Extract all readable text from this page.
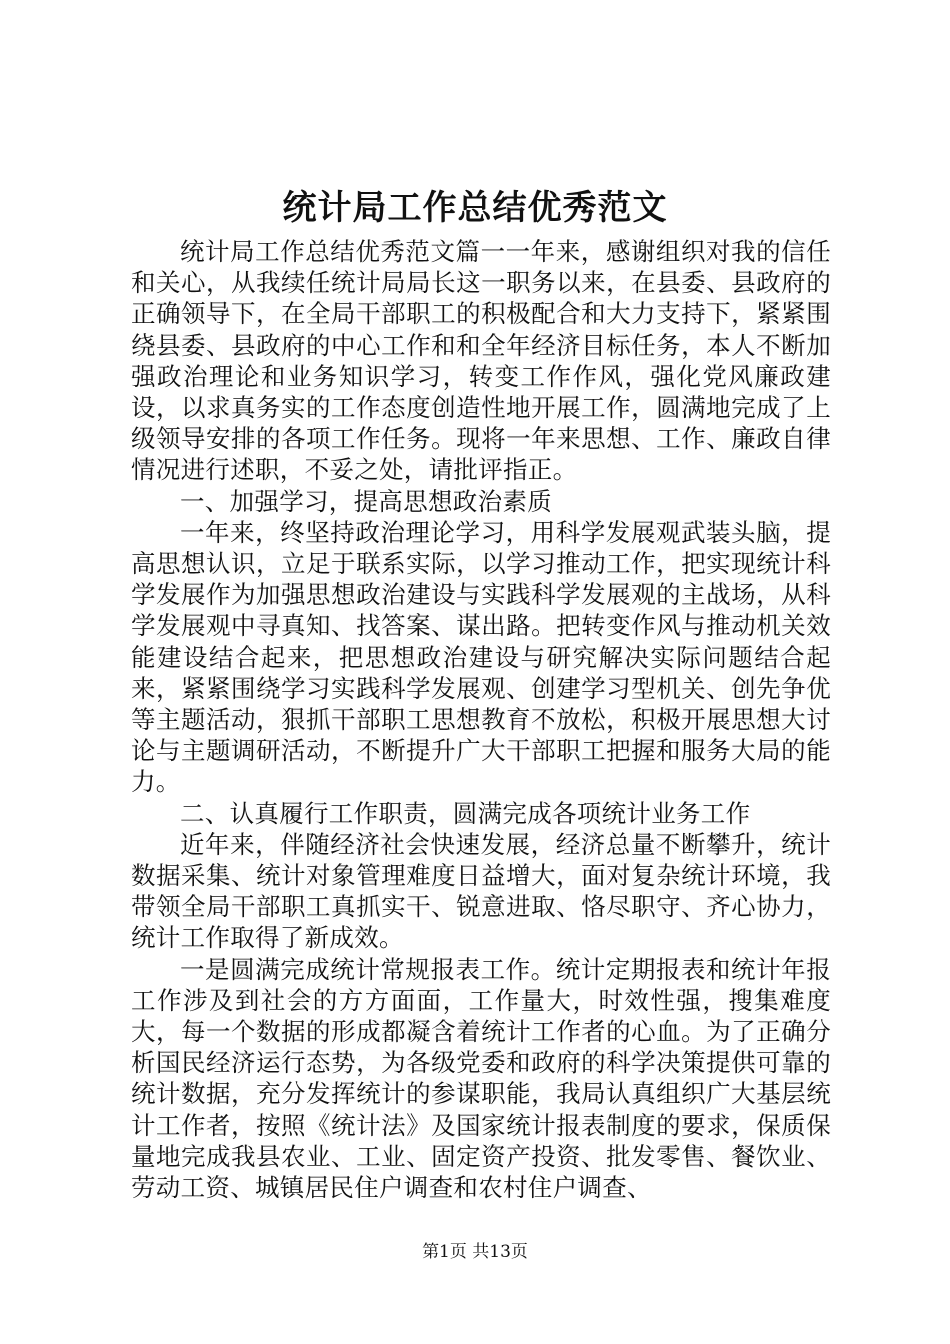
统计局工作总结优秀范文

统计局工作总结优秀范文篇一一年来，感谢组织对我的信任和关心，从我续任统计局局长这一职务以来，在县委、县政府的正确领导下，在全局干部职工的积极配合和大力支持下，紧紧围绕县委、县政府的中心工作和和全年经济目标任务，本人不断加强政治理论和业务知识学习，转变工作作风，强化党风廉政建设，以求真务实的工作态度创造性地开展工作，圆满地完成了上级领导安排的各项工作任务。现将一年来思想、工作、廉政自律情况进行述职，不妥之处，请批评指正。

一、加强学习，提高思想政治素质

一年来，终坚持政治理论学习，用科学发展观武装头脑，提高思想认识，立足于联系实际，以学习推动工作，把实现统计科学发展作为加强思想政治建设与实践科学发展观的主战场，从科学发展观中寻真知、找答案、谋出路。把转变作风与推动机关效能建设结合起来，把思想政治建设与研究解决实际问题结合起来，紧紧围绕学习实践科学发展观、创建学习型机关、创先争优等主题活动，狠抓干部职工思想教育不放松，积极开展思想大讨论与主题调研活动，不断提升广大干部职工把握和服务大局的能力。

二、认真履行工作职责，圆满完成各项统计业务工作

近年来，伴随经济社会快速发展，经济总量不断攀升，统计数据采集、统计对象管理难度日益增大，面对复杂统计环境，我带领全局干部职工真抓实干、锐意进取、恪尽职守、齐心协力，统计工作取得了新成效。

一是圆满完成统计常规报表工作。统计定期报表和统计年报工作涉及到社会的方方面面，工作量大，时效性强，搜集难度大，每一个数据的形成都凝含着统计工作者的心血。为了正确分析国民经济运行态势，为各级党委和政府的科学决策提供可靠的统计数据，充分发挥统计的参谋职能，我局认真组织广大基层统计工作者，按照《统计法》及国家统计报表制度的要求，保质保量地完成我县农业、工业、固定资产投资、批发零售、餐饮业、劳动工资、城镇居民住户调查和农村住户调查、

第1页 共13页
